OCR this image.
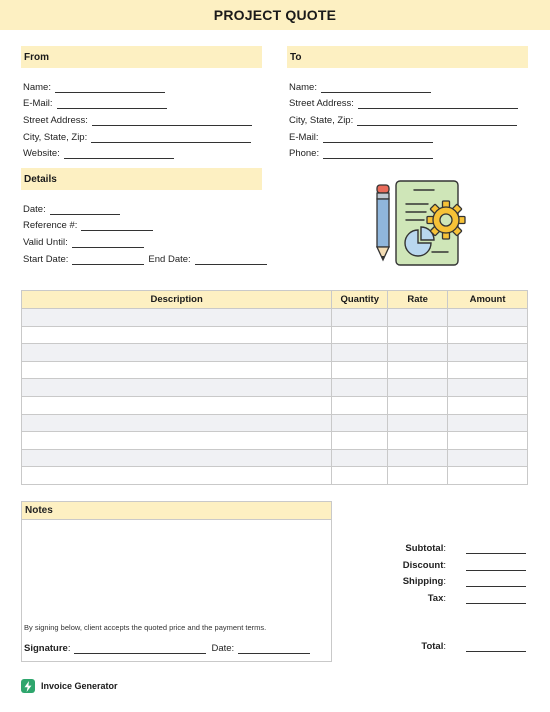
PROJECT QUOTE
From
Name:
E-Mail:
Street Address:
City, State, Zip:
Website:
To
Name:
Street Address:
City, State, Zip:
E-Mail:
Phone:
Details
Date:
Reference #:
Valid Until:
Start Date:	End Date:
Description	Quantity	Rate	Amount

Notes
By signing below, client accepts the quoted price and the payment terms.
Signature :	Date:
Subtotal:
Discount:
Shipping:
Tax:
Total:
Invoice Generator
